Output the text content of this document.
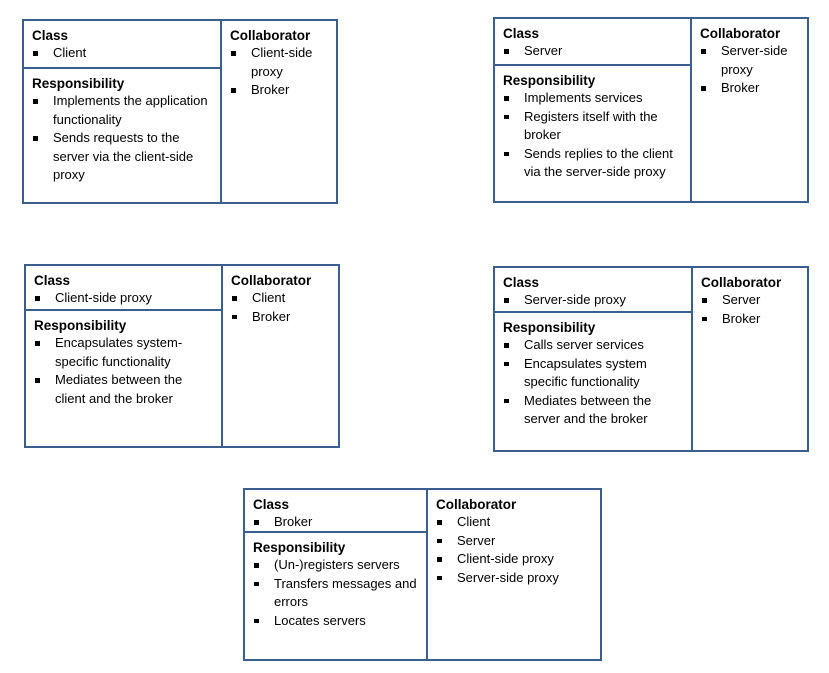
Class

Client

Responsibility

Implements the application functionality
Sends requests to the server via the client-side proxy

Collaborator

Client-side proxy
Broker

Class

Server

Responsibility

Implements services
Registers itself with the broker
Sends replies to the client via the server-side proxy

Collaborator

Server-side proxy
Broker

Class

Client-side proxy

Responsibility

Encapsulates system-specific functionality
Mediates between the client and the broker

Collaborator

Client
Broker

Class

Server-side proxy

Responsibility

Calls server services
Encapsulates system specific functionality
Mediates between the server and the broker

Collaborator

Server
Broker

Class

Broker

Responsibility

(Un-)registers servers
Transfers messages and errors
Locates servers

Collaborator

Client
Server
Client-side proxy
Server-side proxy
